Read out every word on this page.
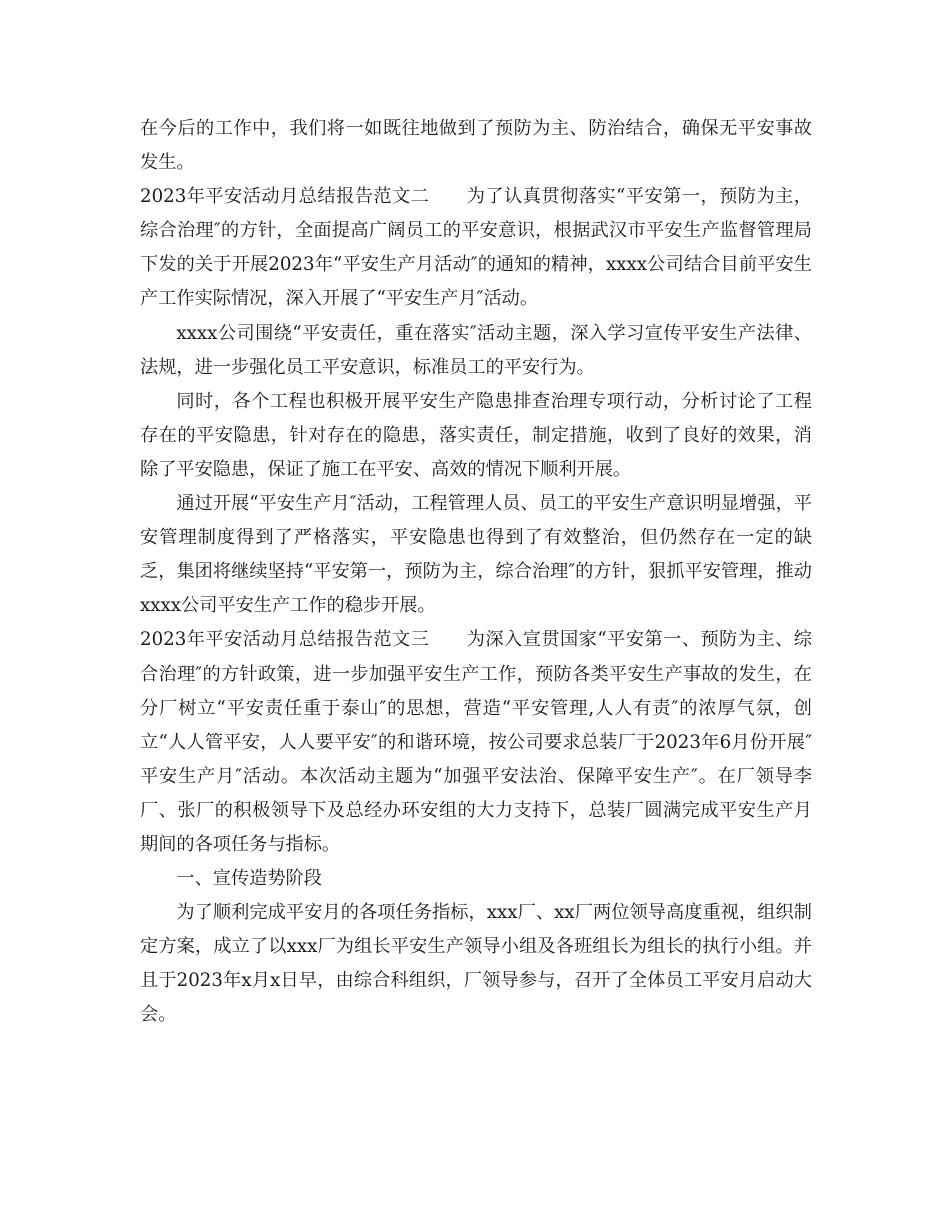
在今后的工作中，我们将一如既往地做到了预防为主、防治结合，确保无平安事故发生。

2023年平安活动月总结报告范文二　　为了认真贯彻落实“平安第一，预防为主，综合治理″的方针，全面提高广阔员工的平安意识，根据武汉市平安生产监督管理局下发的关于开展2023年“平安生产月活动″的通知的精神，xxxx公司结合目前平安生产工作实际情况，深入开展了“平安生产月″活动。

xxxx公司围绕“平安责任，重在落实″活动主题，深入学习宣传平安生产法律、法规，进一步强化员工平安意识，标准员工的平安行为。

同时，各个工程也积极开展平安生产隐患排查治理专项行动，分析讨论了工程存在的平安隐患，针对存在的隐患，落实责任，制定措施，收到了良好的效果，消除了平安隐患，保证了施工在平安、高效的情况下顺利开展。

通过开展“平安生产月″活动，工程管理人员、员工的平安生产意识明显增强，平安管理制度得到了严格落实，平安隐患也得到了有效整治，但仍然存在一定的缺乏，集团将继续坚持“平安第一，预防为主，综合治理″的方针，狠抓平安管理，推动xxxx公司平安生产工作的稳步开展。

2023年平安活动月总结报告范文三　　为深入宣贯国家“平安第一、预防为主、综合治理″的方针政策，进一步加强平安生产工作，预防各类平安生产事故的发生，在分厂树立“平安责任重于泰山″的思想，营造“平安管理,人人有责″的浓厚气氛，创立“人人管平安，人人要平安″的和谐环境，按公司要求总装厂于2023年6月份开展″平安生产月″活动。本次活动主题为“加强平安法治、保障平安生产″。在厂领导李厂、张厂的积极领导下及总经办环安组的大力支持下，总装厂圆满完成平安生产月期间的各项任务与指标。

一、宣传造势阶段

为了顺利完成平安月的各项任务指标，xxx厂、xx厂两位领导高度重视，组织制定方案，成立了以xxx厂为组长平安生产领导小组及各班组长为组长的执行小组。并且于2023年x月x日早，由综合科组织，厂领导参与，召开了全体员工平安月启动大会。
